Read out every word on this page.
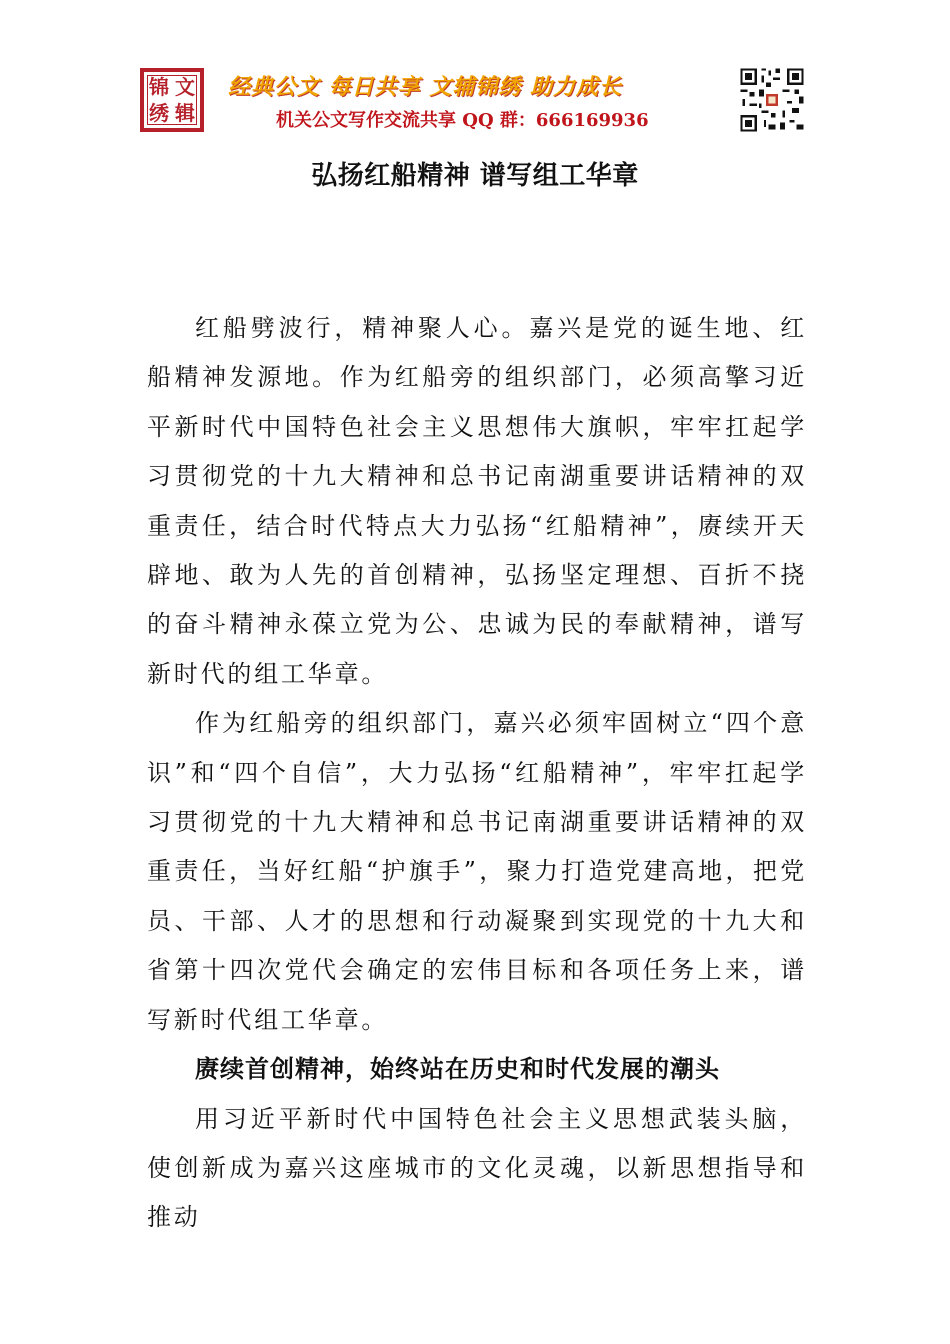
锦 文
绣 辑
经典公文 每日共享 文辅锦绣 助力成长
机关公文写作交流共享 QQ 群：666169936
弘扬红船精神 谱写组工华章

红船劈波行，精神聚人心。嘉兴是党的诞生地、红船精神发源地。作为红船旁的组织部门，必须高擎习近平新时代中国特色社会主义思想伟大旗帜，牢牢扛起学习贯彻党的十九大精神和总书记南湖重要讲话精神的双重责任，结合时代特点大力弘扬“红船精神”，赓续开天辟地、敢为人先的首创精神，弘扬坚定理想、百折不挠的奋斗精神永葆立党为公、忠诚为民的奉献精神，谱写新时代的组工华章。

作为红船旁的组织部门，嘉兴必须牢固树立“四个意识”和“四个自信”，大力弘扬“红船精神”，牢牢扛起学习贯彻党的十九大精神和总书记南湖重要讲话精神的双重责任，当好红船“护旗手”，聚力打造党建高地，把党员、干部、人才的思想和行动凝聚到实现党的十九大和省第十四次党代会确定的宏伟目标和各项任务上来，谱写新时代组工华章。

赓续首创精神，始终站在历史和时代发展的潮头

用习近平新时代中国特色社会主义思想武装头脑，使创新成为嘉兴这座城市的文化灵魂，以新思想指导和推动
